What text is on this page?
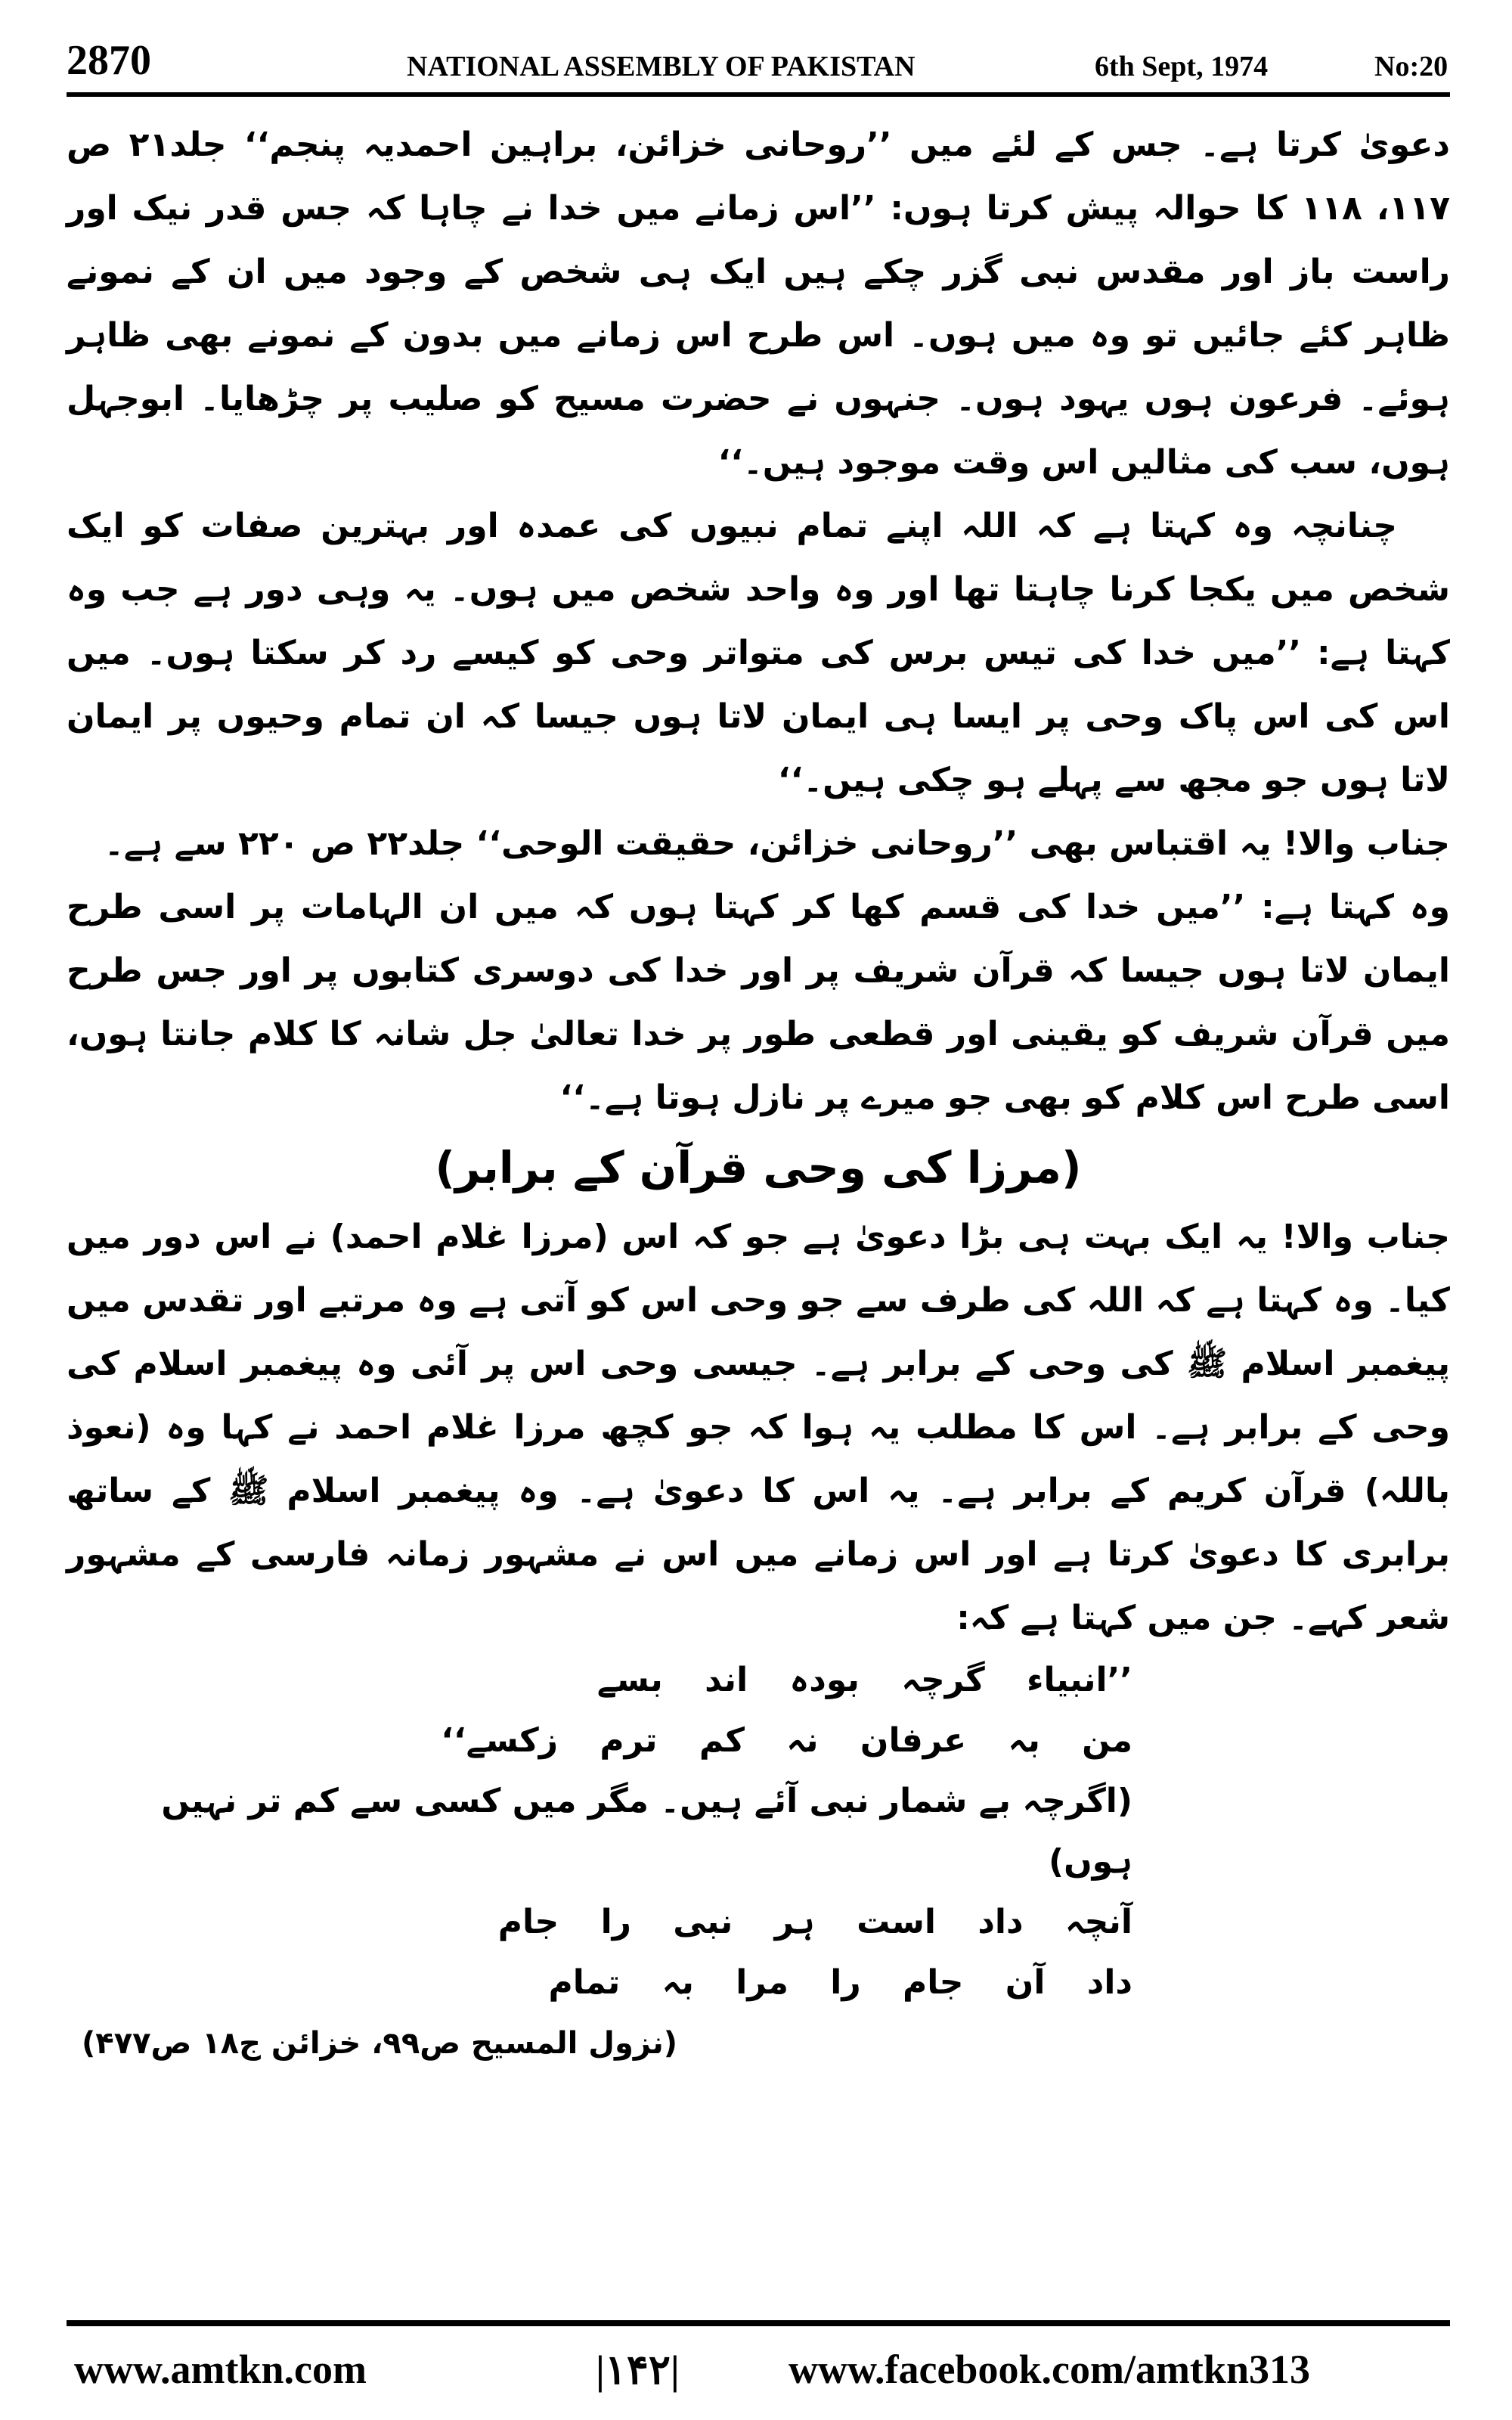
2870	NATIONAL ASSEMBLY OF PAKISTAN	6th Sept, 1974	No:20

دعویٰ کرتا ہے۔ جس کے لئے میں ’’روحانی خزائن، براہین احمدیہ پنجم‘‘ جلد۲۱ ص ۱۱۷، ۱۱۸ کا حوالہ پیش کرتا ہوں: ’’اس زمانے میں خدا نے چاہا کہ جس قدر نیک اور راست باز اور مقدس نبی گزر چکے ہیں ایک ہی شخص کے وجود میں ان کے نمونے ظاہر کئے جائیں تو وہ میں ہوں۔ اس طرح اس زمانے میں بدون کے نمونے بھی ظاہر ہوئے۔ فرعون ہوں یہود ہوں۔ جنہوں نے حضرت مسیح کو صلیب پر چڑھایا۔ ابوجہل ہوں، سب کی مثالیں اس وقت موجود ہیں۔‘‘

چنانچہ وہ کہتا ہے کہ اللہ اپنے تمام نبیوں کی عمدہ اور بہترین صفات کو ایک شخص میں یکجا کرنا چاہتا تھا اور وہ واحد شخص میں ہوں۔ یہ وہی دور ہے جب وہ کہتا ہے: ’’میں خدا کی تیس برس کی متواتر وحی کو کیسے رد کر سکتا ہوں۔ میں اس کی اس پاک وحی پر ایسا ہی ایمان لاتا ہوں جیسا کہ ان تمام وحیوں پر ایمان لاتا ہوں جو مجھ سے پہلے ہو چکی ہیں۔‘‘

جناب والا! یہ اقتباس بھی ’’روحانی خزائن، حقیقت الوحی‘‘ جلد۲۲ ص ۲۲۰ سے ہے۔

وہ کہتا ہے: ’’میں خدا کی قسم کھا کر کہتا ہوں کہ میں ان الہامات پر اسی طرح ایمان لاتا ہوں جیسا کہ قرآن شریف پر اور خدا کی دوسری کتابوں پر اور جس طرح میں قرآن شریف کو یقینی اور قطعی طور پر خدا تعالیٰ جل شانہ کا کلام جانتا ہوں، اسی طرح اس کلام کو بھی جو میرے پر نازل ہوتا ہے۔‘‘

(مرزا کی وحی قرآن کے برابر)

جناب والا! یہ ایک بہت ہی بڑا دعویٰ ہے جو کہ اس (مرزا غلام احمد) نے اس دور میں کیا۔ وہ کہتا ہے کہ اللہ کی طرف سے جو وحی اس کو آتی ہے وہ مرتبے اور تقدس میں پیغمبر اسلام ﷺ کی وحی کے برابر ہے۔ جیسی وحی اس پر آئی وہ پیغمبر اسلام کی وحی کے برابر ہے۔ اس کا مطلب یہ ہوا کہ جو کچھ مرزا غلام احمد نے کہا وہ (نعوذ باللہ) قرآن کریم کے برابر ہے۔ یہ اس کا دعویٰ ہے۔ وہ پیغمبر اسلام ﷺ کے ساتھ برابری کا دعویٰ کرتا ہے اور اس زمانے میں اس نے مشہور زمانہ فارسی کے مشہور شعر کہے۔ جن میں کہتا ہے کہ:

’’انبیاء گرچہ بودہ اند بسے
من بہ عرفان نہ کم ترم زکسے‘‘
(اگرچہ بے شمار نبی آئے ہیں۔ مگر میں کسی سے کم تر نہیں ہوں)
آنچہ داد است ہر نبی را جام
داد آن جام را مرا بہ تمام
(نزول المسیح ص۹۹، خزائن ج۱۸ ص۴۷۷)
www.amtkn.com	|۱۴۲|	www.facebook.com/amtkn313
